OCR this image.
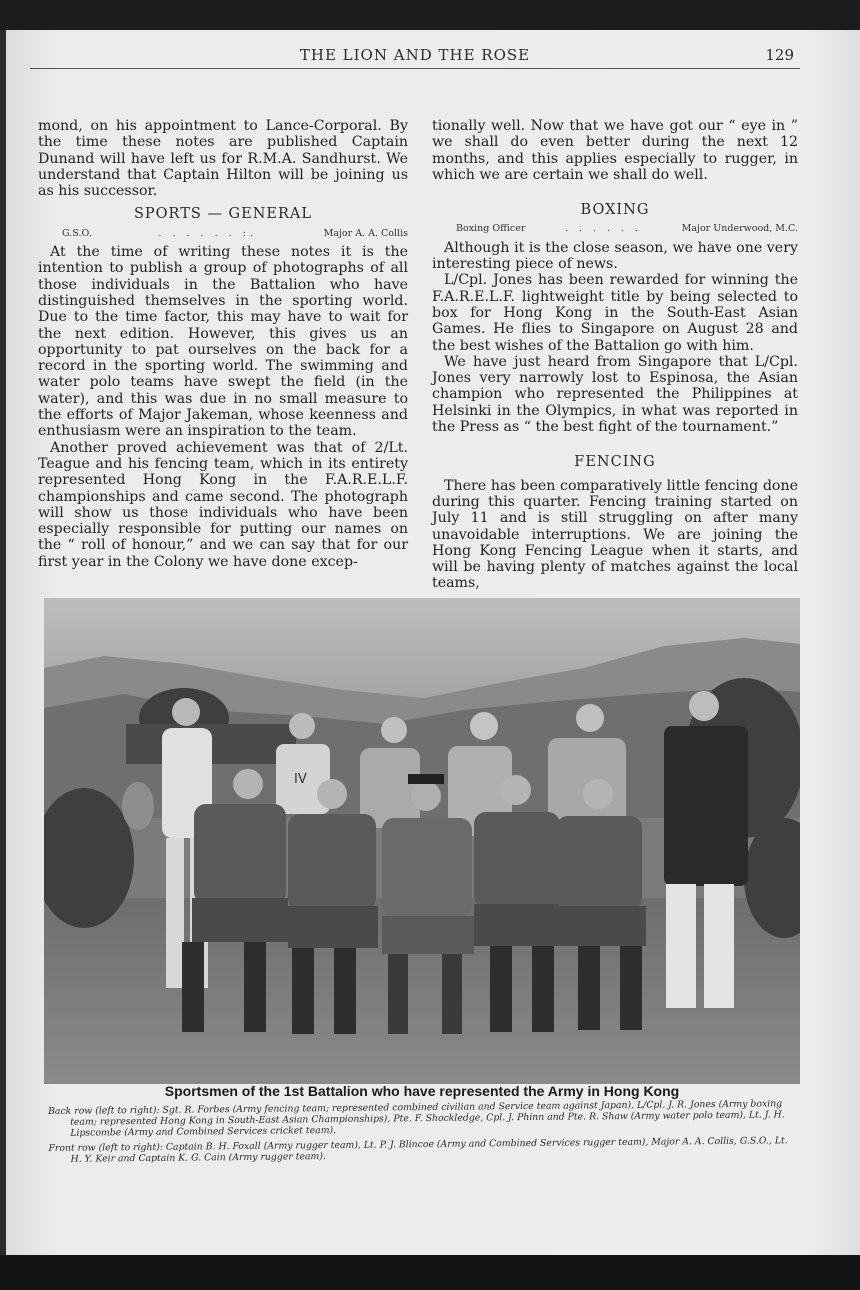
THE LION AND THE ROSE	129

mond, on his appointment to Lance-Corporal. By the time these notes are published Captain Dunand will have left us for R.M.A. Sandhurst. We understand that Captain Hilton will be joining us as his successor.

SPORTS — GENERAL
G.S.O.	. . . . . . :.	Major A. A. Collis

At the time of writing these notes it is the intention to publish a group of photographs of all those individuals in the Battalion who have distinguished themselves in the sporting world. Due to the time factor, this may have to wait for the next edition. However, this gives us an opportunity to pat ourselves on the back for a record in the sporting world. The swimming and water polo teams have swept the field (in the water), and this was due in no small measure to the efforts of Major Jakeman, whose keenness and enthusiasm were an inspiration to the team.

Another proved achievement was that of 2/Lt. Teague and his fencing team, which in its entirety represented Hong Kong in the F.A.R.E.L.F. championships and came second. The photograph will show us those individuals who have been especially responsible for putting our names on the “ roll of honour,” and we can say that for our first year in the Colony we have done excep-

tionally well. Now that we have got our “ eye in ” we shall do even better during the next 12 months, and this applies especially to rugger, in which we are certain we shall do well.

BOXING
Boxing Officer	. . . . . .	Major Underwood, M.C.

Although it is the close season, we have one very interesting piece of news.

L/Cpl. Jones has been rewarded for winning the F.A.R.E.L.F. lightweight title by being selected to box for Hong Kong in the South-East Asian Games. He flies to Singapore on August 28 and the best wishes of the Battalion go with him.

We have just heard from Singapore that L/Cpl. Jones very narrowly lost to Espinosa, the Asian champion who represented the Philippines at Helsinki in the Olympics, in what was reported in the Press as “ the best fight of the tournament.”

FENCING

There has been comparatively little fencing done during this quarter. Fencing training started on July 11 and is still struggling on after many unavoidable interruptions. We are joining the Hong Kong Fencing League when it starts, and will be having plenty of matches against the local teams,

IV
Sportsmen of the 1st Battalion who have represented the Army in Hong Kong

Back row (left to right): Sgt. R. Forbes (Army fencing team; represented combined civilian and Service team against Japan), L/Cpl. J. R. Jones (Army boxing team; represented Hong Kong in South-East Asian Championships), Pte. F. Shockledge, Cpl. J. Phinn and Pte. R. Shaw (Army water polo team), Lt. J. H. Lipscombe (Army and Combined Services cricket team).

Front row (left to right): Captain B. H. Foxall (Army rugger team), Lt. P. J. Blincoe (Army and Combined Services rugger team), Major A. A. Collis, G.S.O., Lt. H. Y. Keir and Captain K. G. Cain (Army rugger team).
